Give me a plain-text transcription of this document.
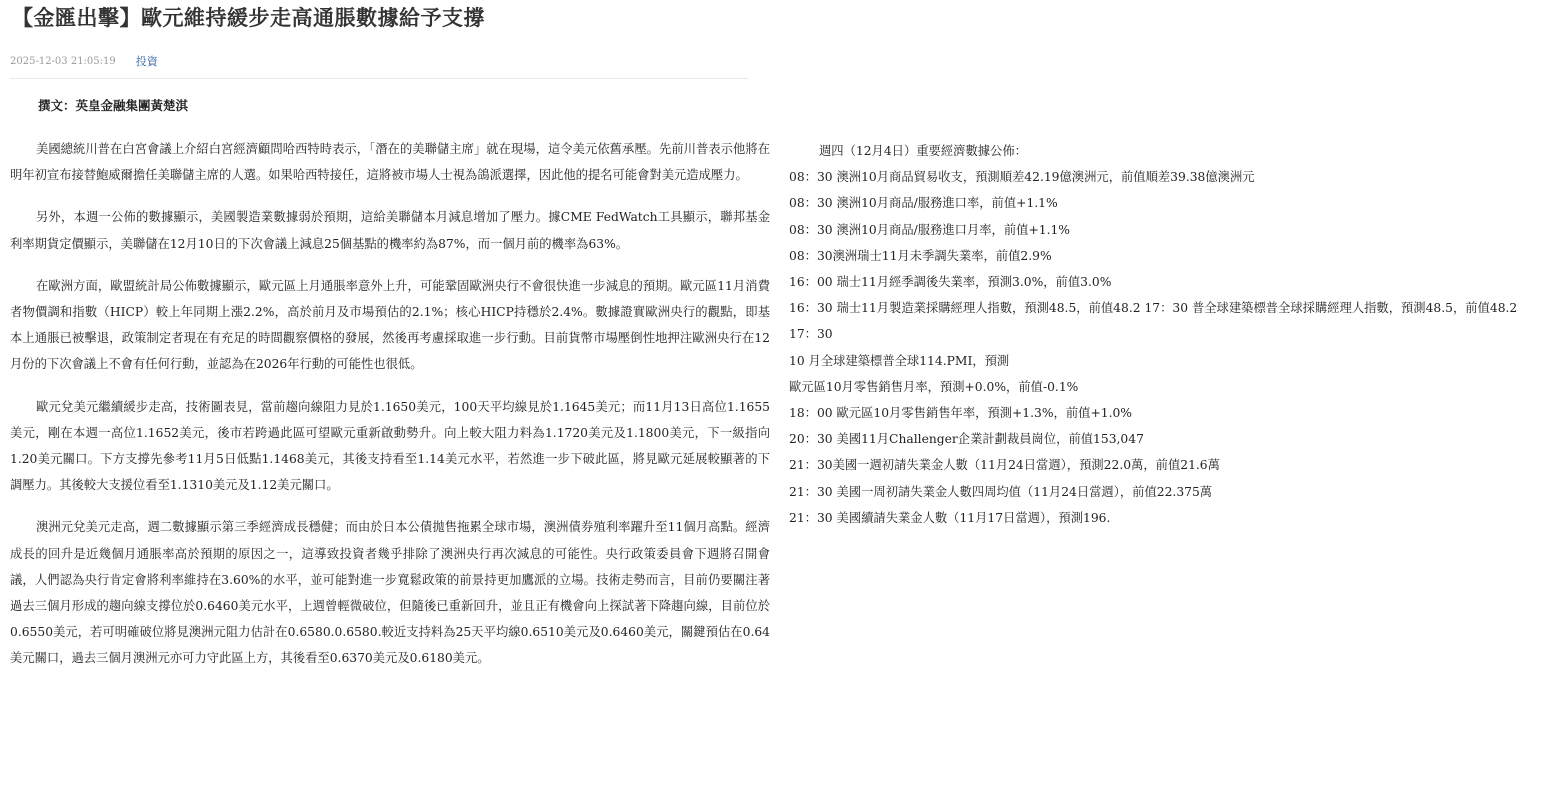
【金匯出擊】歐元維持緩步走高通脹數據給予支撐
2025-12-03 21:05:19 投資
撰文：英皇金融集團黃楚淇

美國總統川普在白宮會議上介紹白宮經濟顧問哈西特時表示，「潛在的美聯儲主席」就在現場，這令美元依舊承壓。先前川普表示他將在明年初宣布接替鮑威爾擔任美聯儲主席的人選。如果哈西特接任，這將被市場人士視為鴿派選擇，因此他的提名可能會對美元造成壓力。

另外，本週一公佈的數據顯示，美國製造業數據弱於預期，這給美聯儲本月減息增加了壓力。據CME FedWatch工具顯示，聯邦基金利率期貨定價顯示，美聯儲在12月10日的下次會議上減息25個基點的機率約為87%，而一個月前的機率為63%。

在歐洲方面，歐盟統計局公佈數據顯示，歐元區上月通脹率意外上升，可能鞏固歐洲央行不會很快進一步減息的預期。歐元區11月消費者物價調和指數（HICP）較上年同期上漲2.2%，高於前月及市場預估的2.1%；核心HICP持穩於2.4%。數據證實歐洲央行的觀點，即基本上通脹已被擊退，政策制定者現在有充足的時間觀察價格的發展，然後再考慮採取進一步行動。目前貨幣市場壓倒性地押注歐洲央行在12月份的下次會議上不會有任何行動，並認為在2026年行動的可能性也很低。

歐元兌美元繼續緩步走高，技術圖表見，當前趨向線阻力見於1.1650美元，100天平均線見於1.1645美元；而11月13日高位1.1655美元，剛在本週一高位1.1652美元，後市若跨過此區可望歐元重新啟動勢升。向上較大阻力料為1.1720美元及1.1800美元，下一級指向1.20美元關口。下方支撐先參考11月5日低點1.1468美元，其後支持看至1.14美元水平，若然進一步下破此區，將見歐元延展較顯著的下調壓力。其後較大支援位看至1.1310美元及1.12美元關口。

澳洲元兌美元走高，週二數據顯示第三季經濟成長穩健；而由於日本公債拋售拖累全球市場，澳洲債券殖利率躍升至11個月高點。經濟成長的回升是近幾個月通脹率高於預期的原因之一，這導致投資者幾乎排除了澳洲央行再次減息的可能性。央行政策委員會下週將召開會議，人們認為央行肯定會將利率維持在3.60%的水平，並可能對進一步寬鬆政策的前景持更加鷹派的立場。技術走勢而言，目前仍要關注著過去三個月形成的趨向線支撐位於0.6460美元水平，上週曾輕微破位，但隨後已重新回升，並且正有機會向上探試著下降趨向線，目前位於0.6550美元，若可明確破位將見澳洲元阻力估計在0.6580.0.6580.較近支持料為25天平均線0.6510美元及0.6460美元，關鍵預估在0.64美元關口，過去三個月澳洲元亦可力守此區上方，其後看至0.6370美元及0.6180美元。

週四（12月4日）重要經濟數據公佈：
08：30 澳洲10月商品貿易收支，預測順差42.19億澳洲元，前值順差39.38億澳洲元
08：30 澳洲10月商品/服務進口率，前值+1.1%
08：30 澳洲10月商品/服務進口月率，前值+1.1%
08：30澳洲瑞士11月未季調失業率，前值2.9%
16：00 瑞士11月經季調後失業率，預測3.0%，前值3.0%
16：30 瑞士11月製造業採購經理人指數，預測48.5，前值48.2 17：30 普全球建築標普全球採購經理人指數，預測48.5，前值48.2 17：30
10 月全球建築標普全球114.PMI，預測
歐元區10月零售銷售月率，預測+0.0%，前值-0.1%
18：00 歐元區10月零售銷售年率，預測+1.3%，前值+1.0%
20：30 美國11月Challenger企業計劃裁員崗位，前值153,047
21：30美國一週初請失業金人數（11月24日當週），預測22.0萬，前值21.6萬
21：30 美國一周初請失業金人數四周均值（11月24日當週），前值22.375萬
21：30 美國續請失業金人數（11月17日當週），預測196.
